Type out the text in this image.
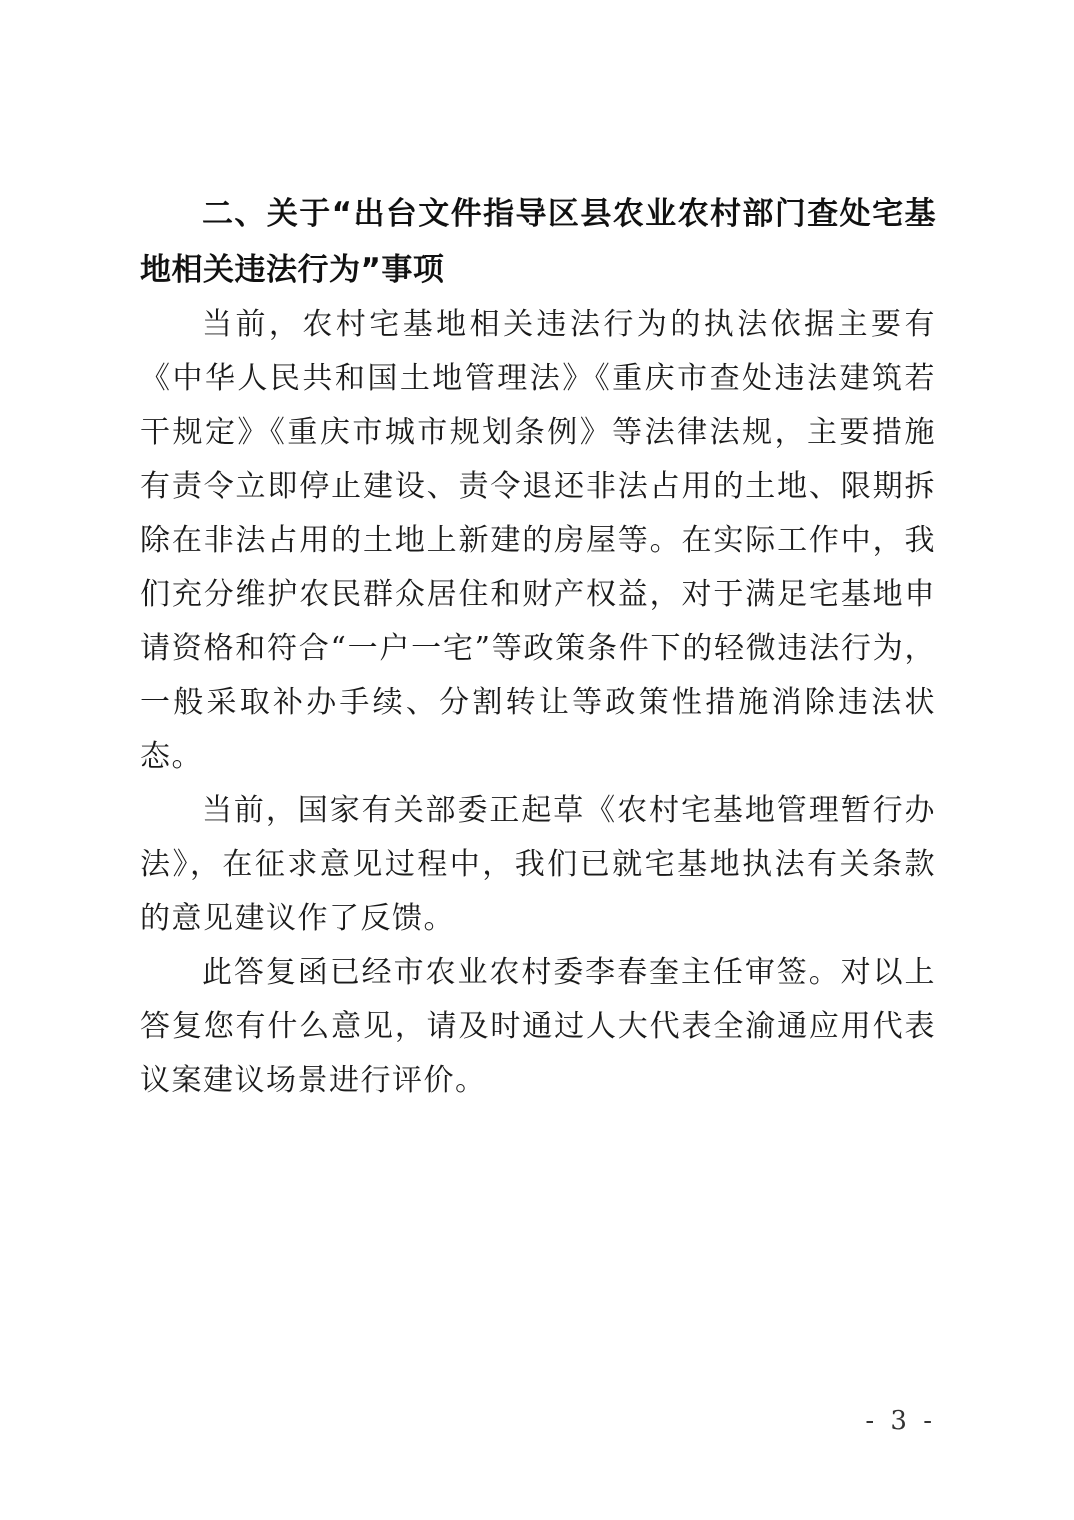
二、关于“出台文件指导区县农业农村部门查处宅基地相关违法行为”事项

当前，农村宅基地相关违法行为的执法依据主要有《中华人民共和国土地管理法》《重庆市查处违法建筑若干规定》《重庆市城市规划条例》等法律法规，主要措施有责令立即停止建设、责令退还非法占用的土地、限期拆除在非法占用的土地上新建的房屋等。在实际工作中，我们充分维护农民群众居住和财产权益，对于满足宅基地申请资格和符合“一户一宅”等政策条件下的轻微违法行为，一般采取补办手续、分割转让等政策性措施消除违法状态。

当前，国家有关部委正起草《农村宅基地管理暂行办法》，在征求意见过程中，我们已就宅基地执法有关条款的意见建议作了反馈。

此答复函已经市农业农村委李春奎主任审签。对以上答复您有什么意见，请及时通过人大代表全渝通应用代表议案建议场景进行评价。

- 3 -
